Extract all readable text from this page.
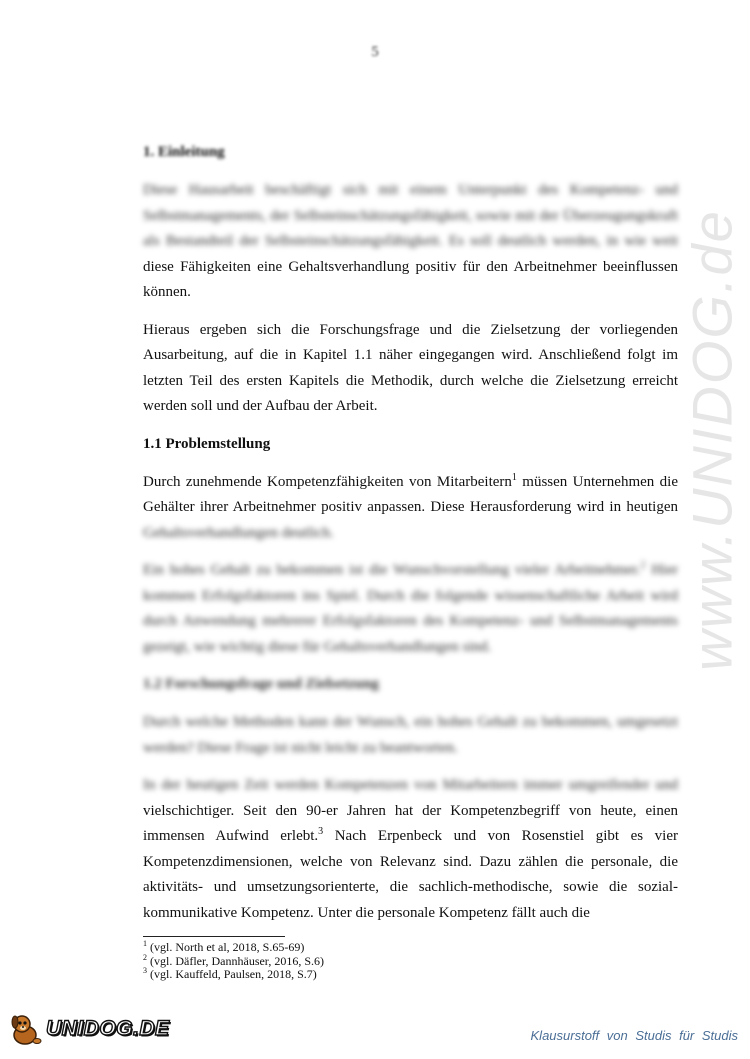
www.UNIDOG.de
5
1. Einleitung

Diese Hausarbeit beschäftigt sich mit einem Unterpunkt des Kompetenz- und Selbstmanagements, der Selbsteinschätzungsfähigkeit, sowie mit der Überzeugungskraft als Bestandteil der Selbsteinschätzungsfähigkeit. Es soll deutlich werden, in wie weit diese Fähigkeiten eine Gehaltsverhandlung positiv für den Arbeitnehmer beeinflussen können.

Hieraus ergeben sich die Forschungsfrage und die Zielsetzung der vorliegenden Ausarbeitung, auf die in Kapitel 1.1 näher eingegangen wird. Anschließend folgt im letzten Teil des ersten Kapitels die Methodik, durch welche die Zielsetzung erreicht werden soll und der Aufbau der Arbeit.

1.1 Problemstellung

Durch zunehmende Kompetenzfähigkeiten von Mitarbeitern$^1$ müssen Unternehmen die Gehälter ihrer Arbeitnehmer positiv anpassen. Diese Herausforderung wird in heutigen Gehaltsverhandlungen deutlich.

Ein hohes Gehalt zu bekommen ist die Wunschvorstellung vieler Arbeitnehmer.$^2$ Hier kommen Erfolgsfaktoren ins Spiel. Durch die folgende wissenschaftliche Arbeit wird durch Anwendung mehrerer Erfolgsfaktoren des Kompetenz- und Selbstmanagements gezeigt, wie wichtig diese für Gehaltsverhandlungen sind.

1.2 Forschungsfrage und Zielsetzung

Durch welche Methoden kann der Wunsch, ein hohes Gehalt zu bekommen, umgesetzt werden? Diese Frage ist nicht leicht zu beantworten.

In der heutigen Zeit werden Kompetenzen von Mitarbeitern immer umgreifender und vielschichtiger. Seit den 90-er Jahren hat der Kompetenzbegriff von heute, einen immensen Aufwind erlebt.$^3$ Nach Erpenbeck und von Rosenstiel gibt es vier Kompetenzdimensionen, welche von Relevanz sind. Dazu zählen die personale, die aktivitäts- und umsetzungsorienterte, die sachlich-methodische, sowie die sozial-kommunikative Kompetenz. Unter die personale Kompetenz fällt auch die

$^1$ (vgl. North et al, 2018, S.65-69)
$^2$ (vgl. Däfler, Dannhäuser, 2016, S.6)
$^3$ (vgl. Kauffeld, Paulsen, 2018, S.7)
UNIDOG.DE	Klausurstoff von Studis für Studis
